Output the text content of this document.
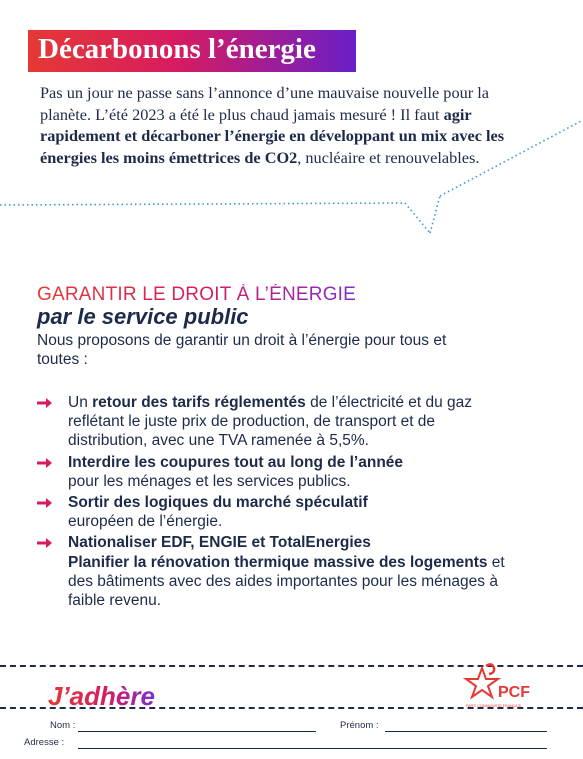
Décarbonons l’énergie
Pas un jour ne passe sans l’annonce d’une mauvaise nouvelle pour la planète. L’été 2023 a été le plus chaud jamais mesuré ! Il faut agir rapidement et décarboner l’énergie en développant un mix avec les énergies les moins émettrices de CO2, nucléaire et renouvelables.
GARANTIR LE DROIT À L’ÉNERGIE
par le service public
Nous proposons de garantir un droit à l’énergie pour tous et toutes :
Un retour des tarifs réglementés de l’électricité et du gaz reflétant le juste prix de production, de transport et de distribution, avec une TVA ramenée à 5,5%.
Interdire les coupures tout au long de l’année
pour les ménages et les services publics.
Sortir des logiques du marché spéculatif
européen de l’énergie.
Nationaliser EDF, ENGIE et TotalEnergies
Planifier la rénovation thermique massive des logements et des bâtiments avec des aides importantes pour les ménages à faible revenu.
J’adhère	PCF
PARTI COMMUNISTE FRANÇAIS
Nom :	Prénom :
Adresse :
